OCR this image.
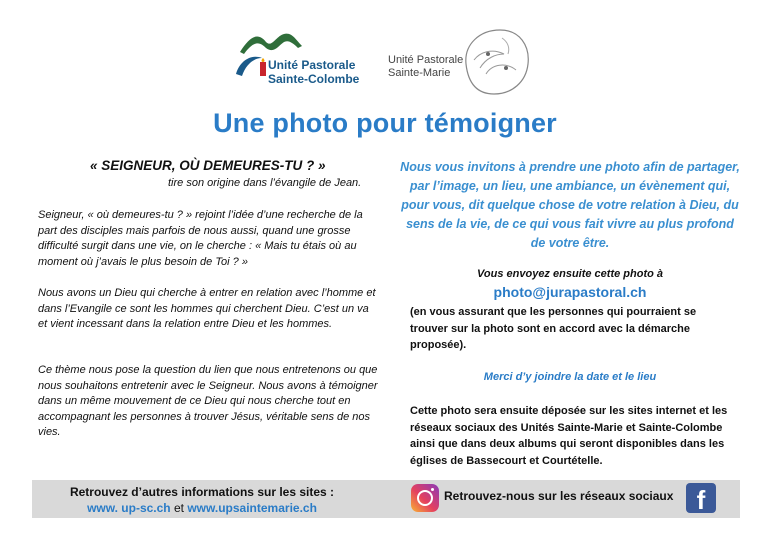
Unité Pastorale
Sainte-Colombe
Unité Pastorale
Sainte-Marie
Une photo pour témoigner
« SEIGNEUR, OÙ DEMEURES-TU ? »
tire son origine dans l’évangile de Jean.
Seigneur, « où demeures-tu ? » rejoint l’idée d’une recherche de la part des disciples mais parfois de nous aussi, quand une grosse difficulté surgit dans une vie, on le cherche : « Mais tu étais où au moment où j’avais le plus besoin de Toi ? »
Nous avons un Dieu qui cherche à entrer en relation avec l’homme et dans l’Evangile ce sont les hommes qui cherchent Dieu. C’est un va et vient incessant dans la relation entre Dieu et les hommes.
Ce thème nous pose la question du lien que nous entretenons ou que nous souhaitons entretenir avec le Seigneur. Nous avons à témoigner dans un même mouvement de ce Dieu qui nous cherche tout en accompagnant les personnes à trouver Jésus, véritable sens de nos vies.
Nous vous invitons à prendre une photo afin de partager, par l’image, un lieu, une ambiance, un évènement qui, pour vous, dit quelque chose de votre relation à Dieu, du sens de la vie, de ce qui vous fait vivre au plus profond de votre être.
Vous envoyez ensuite cette photo à
photo@jurapastoral.ch
(en vous assurant que les personnes qui pourraient se trouver sur la photo sont en accord avec la démarche proposée).
Merci d’y joindre la date et le lieu
Cette photo sera ensuite déposée sur les sites internet et les réseaux sociaux des Unités Sainte-Marie et Sainte-Colombe ainsi que dans deux albums qui seront disponibles dans les églises de Bassecourt et Courtételle.
Retrouvez d’autres informations sur les sites :
www. up-sc.ch et www.upsaintemarie.ch
Retrouvez-nous sur les réseaux sociaux f
